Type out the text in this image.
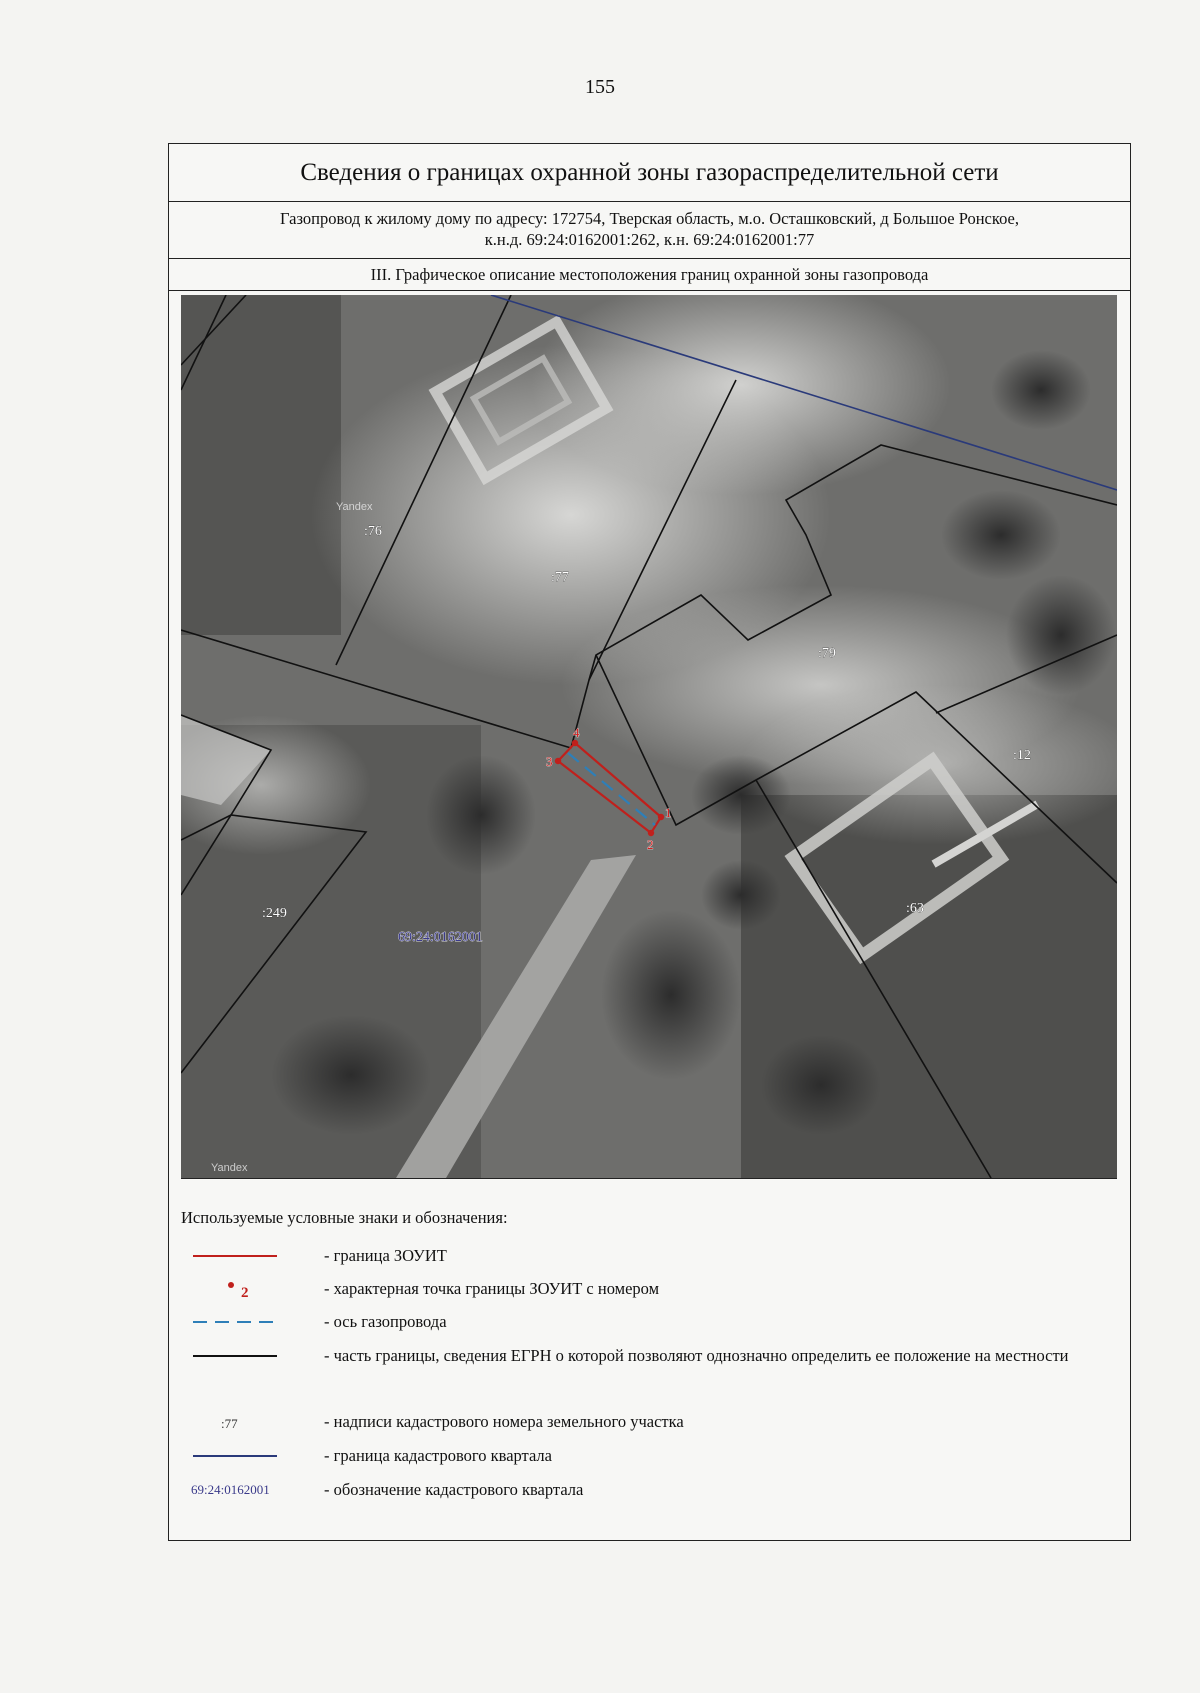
155
Сведения о границах охранной зоны газораспределительной сети
Газопровод к жилому дому по адресу: 172754, Тверская область, м.о. Осташковский, д Большое Ронское,
к.н.д. 69:24:0162001:262, к.н. 69:24:0162001:77
III. Графическое описание местоположения границ охранной зоны газопровода
1
2
3
4
:76
:77
:79
:12
:249	:63
69:24:0162001
Yandex
Yandex
Используемые условные знаки и обозначения:
- граница ЗОУИТ
2	- характерная точка границы ЗОУИТ с номером
- ось газопровода
- часть границы, сведения ЕГРН о которой позволяют однозначно определить ее положение на местности
:77	- надписи кадастрового номера земельного участка
- граница кадастрового квартала
69:24:0162001	- обозначение кадастрового квартала
